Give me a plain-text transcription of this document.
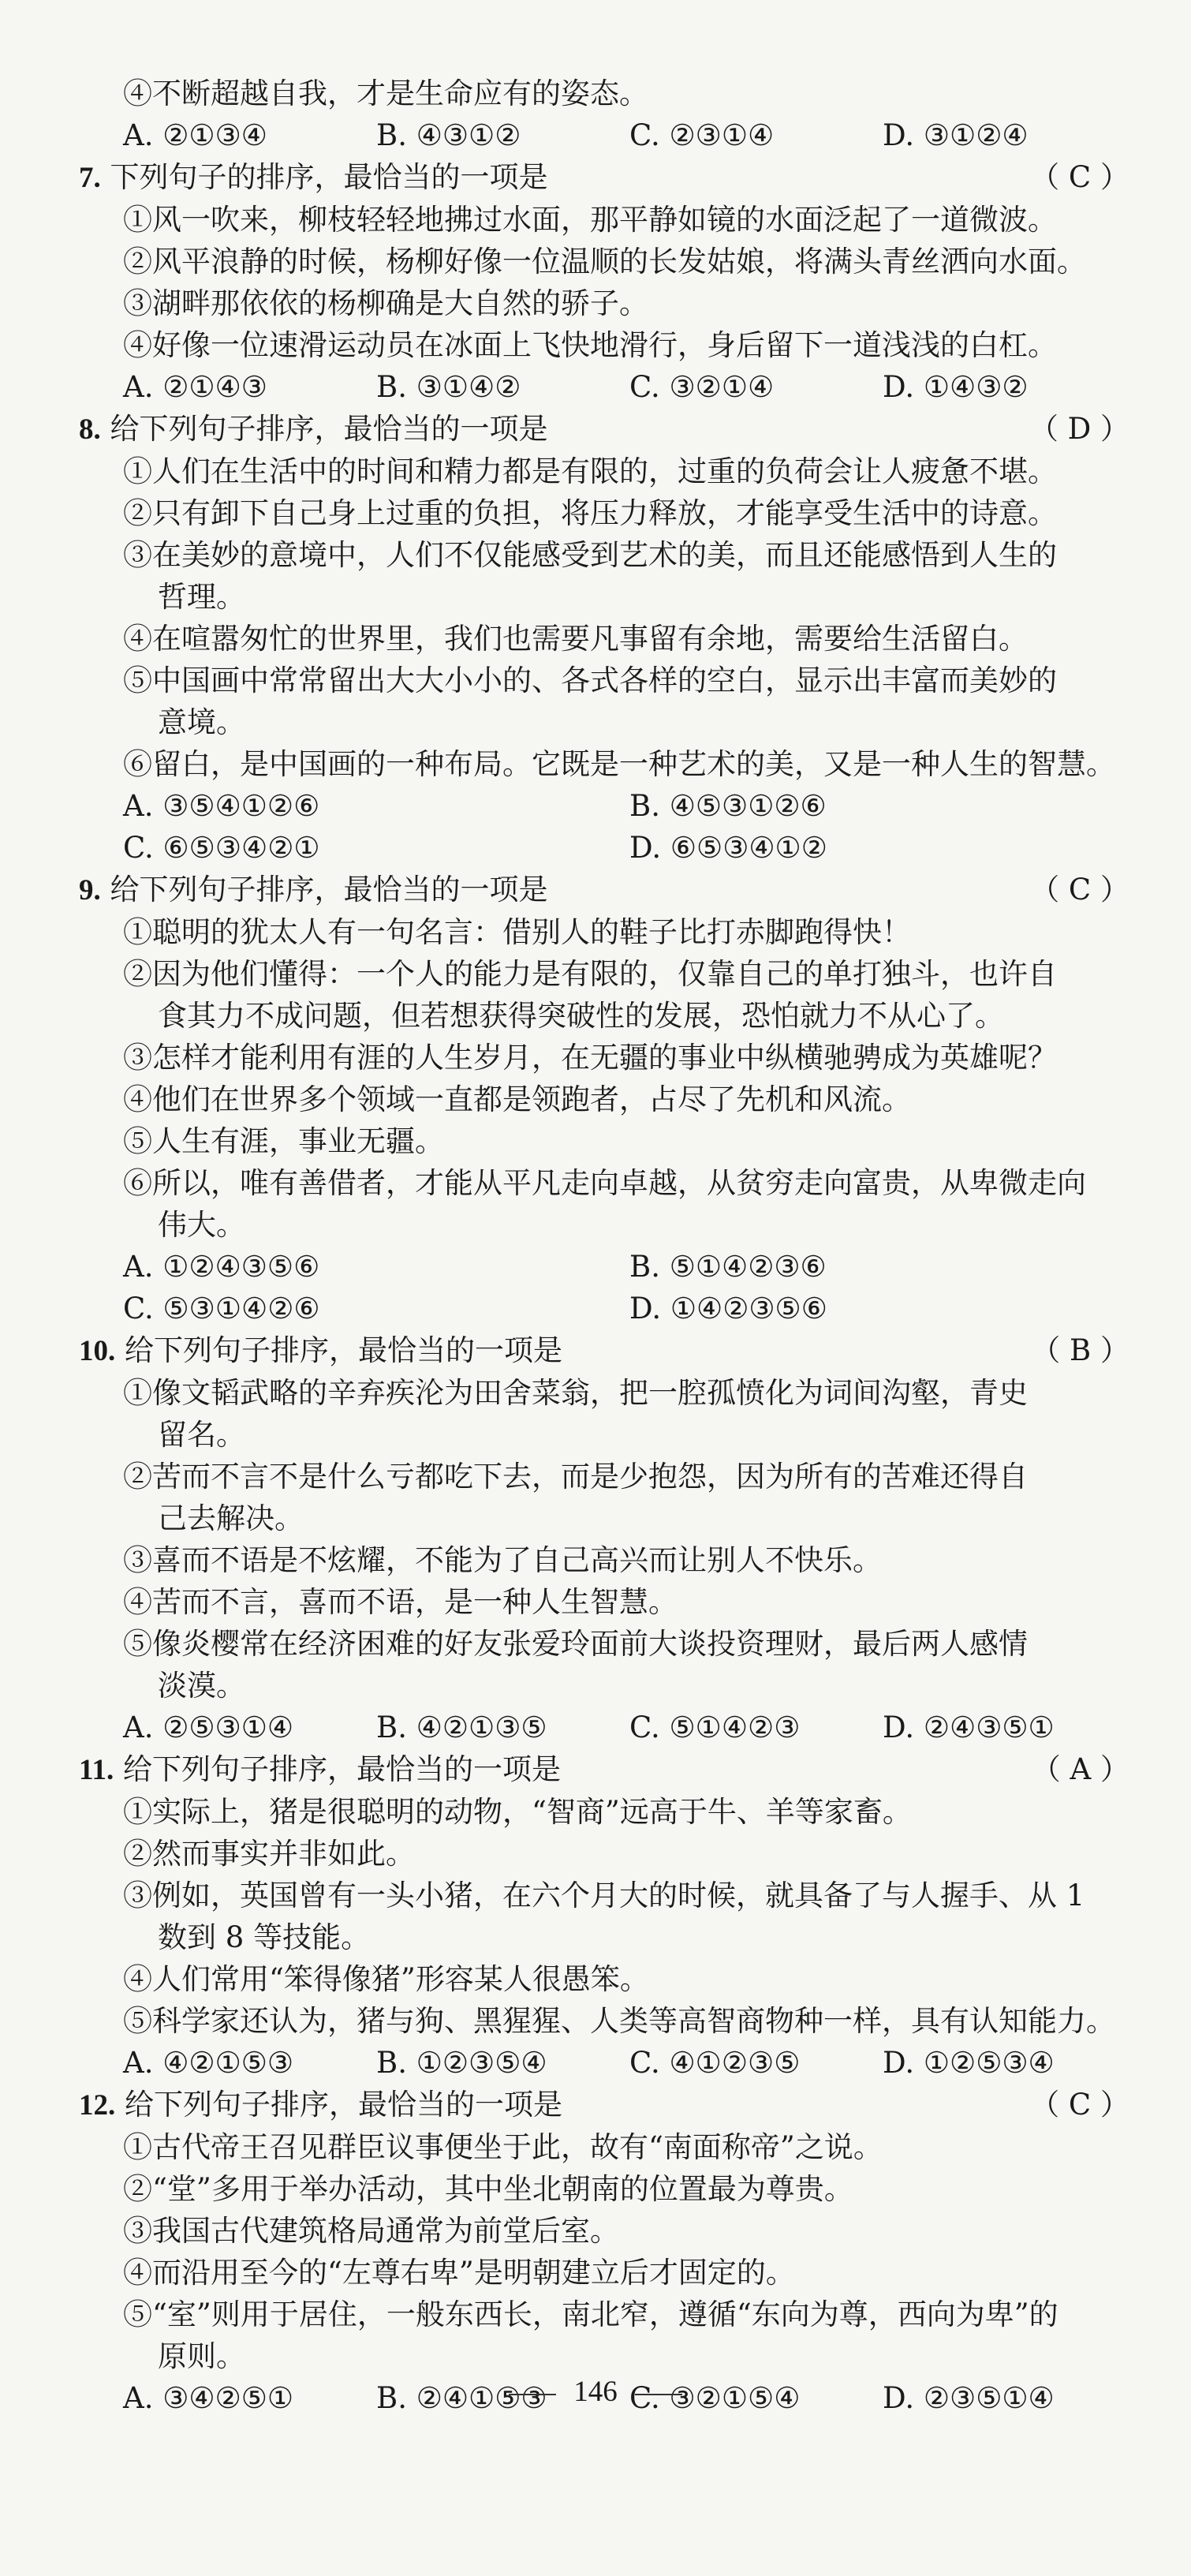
④不断超越自我，才是生命应有的姿态。
A. ②①③④	B. ④③①②	C. ②③①④	D. ③①②④
7. 下列句子的排序，最恰当的一项是	（ C ）
①风一吹来，柳枝轻轻地拂过水面，那平静如镜的水面泛起了一道微波。
②风平浪静的时候，杨柳好像一位温顺的长发姑娘，将满头青丝洒向水面。
③湖畔那依依的杨柳确是大自然的骄子。
④好像一位速滑运动员在冰面上飞快地滑行，身后留下一道浅浅的白杠。
A. ②①④③	B. ③①④②	C. ③②①④	D. ①④③②
8. 给下列句子排序，最恰当的一项是	（ D ）
①人们在生活中的时间和精力都是有限的，过重的负荷会让人疲惫不堪。
②只有卸下自己身上过重的负担，将压力释放，才能享受生活中的诗意。
③在美妙的意境中，人们不仅能感受到艺术的美，而且还能感悟到人生的
哲理。
④在喧嚣匆忙的世界里，我们也需要凡事留有余地，需要给生活留白。
⑤中国画中常常留出大大小小的、各式各样的空白，显示出丰富而美妙的
意境。
⑥留白，是中国画的一种布局。它既是一种艺术的美，又是一种人生的智慧。
A. ③⑤④①②⑥	B. ④⑤③①②⑥
C. ⑥⑤③④②①	D. ⑥⑤③④①②
9. 给下列句子排序，最恰当的一项是	（ C ）
①聪明的犹太人有一句名言：借别人的鞋子比打赤脚跑得快！
②因为他们懂得：一个人的能力是有限的，仅靠自己的单打独斗，也许自
食其力不成问题，但若想获得突破性的发展，恐怕就力不从心了。
③怎样才能利用有涯的人生岁月，在无疆的事业中纵横驰骋成为英雄呢？
④他们在世界多个领域一直都是领跑者，占尽了先机和风流。
⑤人生有涯，事业无疆。
⑥所以，唯有善借者，才能从平凡走向卓越，从贫穷走向富贵，从卑微走向
伟大。
A. ①②④③⑤⑥	B. ⑤①④②③⑥
C. ⑤③①④②⑥	D. ①④②③⑤⑥
10. 给下列句子排序，最恰当的一项是	（ B ）
①像文韬武略的辛弃疾沦为田舍菜翁，把一腔孤愤化为词间沟壑，青史
留名。
②苦而不言不是什么亏都吃下去，而是少抱怨，因为所有的苦难还得自
己去解决。
③喜而不语是不炫耀，不能为了自己高兴而让别人不快乐。
④苦而不言，喜而不语，是一种人生智慧。
⑤像炎樱常在经济困难的好友张爱玲面前大谈投资理财，最后两人感情
淡漠。
A. ②⑤③①④	B. ④②①③⑤	C. ⑤①④②③	D. ②④③⑤①
11. 给下列句子排序，最恰当的一项是	（ A ）
①实际上，猪是很聪明的动物，“智商”远高于牛、羊等家畜。
②然而事实并非如此。
③例如，英国曾有一头小猪，在六个月大的时候，就具备了与人握手、从 1
数到 8 等技能。
④人们常用“笨得像猪”形容某人很愚笨。
⑤科学家还认为，猪与狗、黑猩猩、人类等高智商物种一样，具有认知能力。
A. ④②①⑤③	B. ①②③⑤④	C. ④①②③⑤	D. ①②⑤③④
12. 给下列句子排序，最恰当的一项是	（ C ）
①古代帝王召见群臣议事便坐于此，故有“南面称帝”之说。
②“堂”多用于举办活动，其中坐北朝南的位置最为尊贵。
③我国古代建筑格局通常为前堂后室。
④而沿用至今的“左尊右卑”是明朝建立后才固定的。
⑤“室”则用于居住，一般东西长，南北窄，遵循“东向为尊，西向为卑”的
原则。
A. ③④②⑤①	B. ②④①⑤③	C. ③②①⑤④	D. ②③⑤①④
146
